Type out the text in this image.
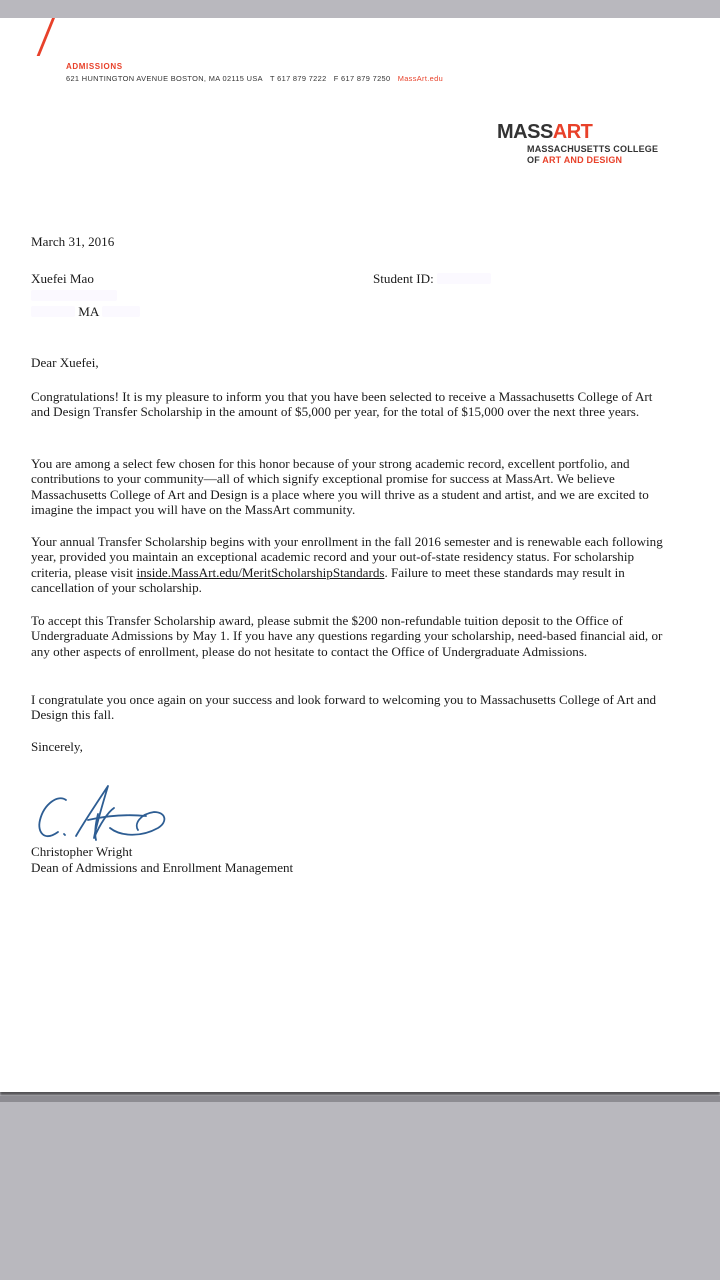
ADMISSIONS
621 HUNTINGTON AVENUE BOSTON, MA 02115 USA T 617 879 7222 F 617 879 7250 MassArt.edu
MASSART
MASSACHUSETTS COLLEGE
OF ART AND DESIGN
March 31, 2016
Xuefei Mao	Student ID:
MA
Dear Xuefei,
Congratulations! It is my pleasure to inform you that you have been selected to receive a Massachusetts College of Art and Design Transfer Scholarship in the amount of $5,000 per year, for the total of $15,000 over the next three years.
You are among a select few chosen for this honor because of your strong academic record, excellent portfolio, and contributions to your community—all of which signify exceptional promise for success at MassArt. We believe Massachusetts College of Art and Design is a place where you will thrive as a student and artist, and we are excited to imagine the impact you will have on the MassArt community.
Your annual Transfer Scholarship begins with your enrollment in the fall 2016 semester and is renewable each following year, provided you maintain an exceptional academic record and your out-of-state residency status. For scholarship criteria, please visit inside.MassArt.edu/MeritScholarshipStandards. Failure to meet these standards may result in cancellation of your scholarship.
To accept this Transfer Scholarship award, please submit the $200 non-refundable tuition deposit to the Office of Undergraduate Admissions by May 1. If you have any questions regarding your scholarship, need-based financial aid, or any other aspects of enrollment, please do not hesitate to contact the Office of Undergraduate Admissions.
I congratulate you once again on your success and look forward to welcoming you to Massachusetts College of Art and Design this fall.
Sincerely,
Christopher Wright
Dean of Admissions and Enrollment Management
